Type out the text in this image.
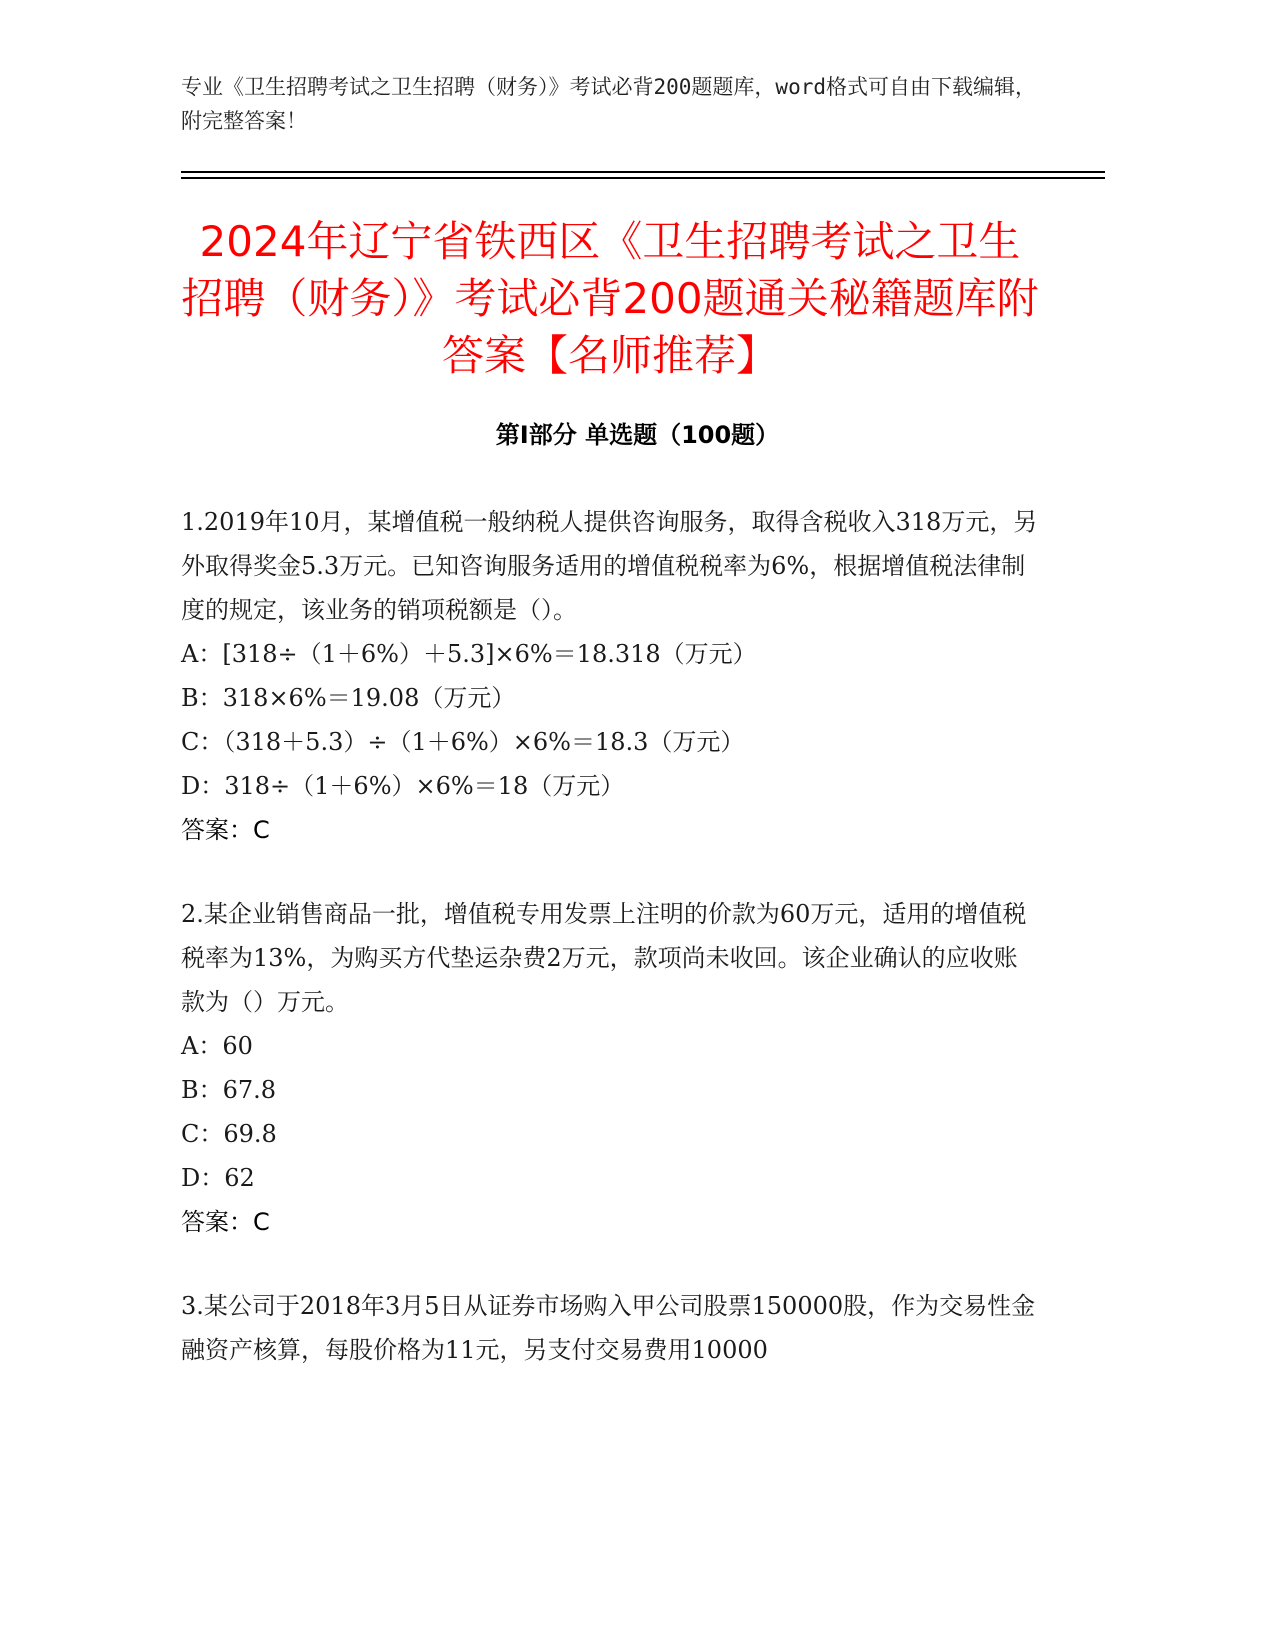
专业《卫生招聘考试之卫生招聘（财务）》考试必背200题题库，word格式可自由下载编辑，附完整答案！
2024年辽宁省铁西区《卫生招聘考试之卫生招聘（财务）》考试必背200题通关秘籍题库附答案【名师推荐】
第Ⅰ部分 单选题（100题）

1.2019年10月，某增值税一般纳税人提供咨询服务，取得含税收入318万元，另外取得奖金5.3万元。已知咨询服务适用的增值税税率为6%，根据增值税法律制度的规定，该业务的销项税额是（）。

A：[318÷（1＋6%）＋5.3]×6%＝18.318（万元）

B：318×6%＝19.08（万元）

C：（318＋5.3）÷（1＋6%）×6%＝18.3（万元）

D：318÷（1＋6%）×6%＝18（万元）

答案：C

2.某企业销售商品一批，增值税专用发票上注明的价款为60万元，适用的增值税税率为13%，为购买方代垫运杂费2万元，款项尚未收回。该企业确认的应收账款为（）万元。

A：60

B：67.8

C：69.8

D：62

答案：C

3.某公司于2018年3月5日从证券市场购入甲公司股票150000股，作为交易性金融资产核算，每股价格为11元，另支付交易费用10000
